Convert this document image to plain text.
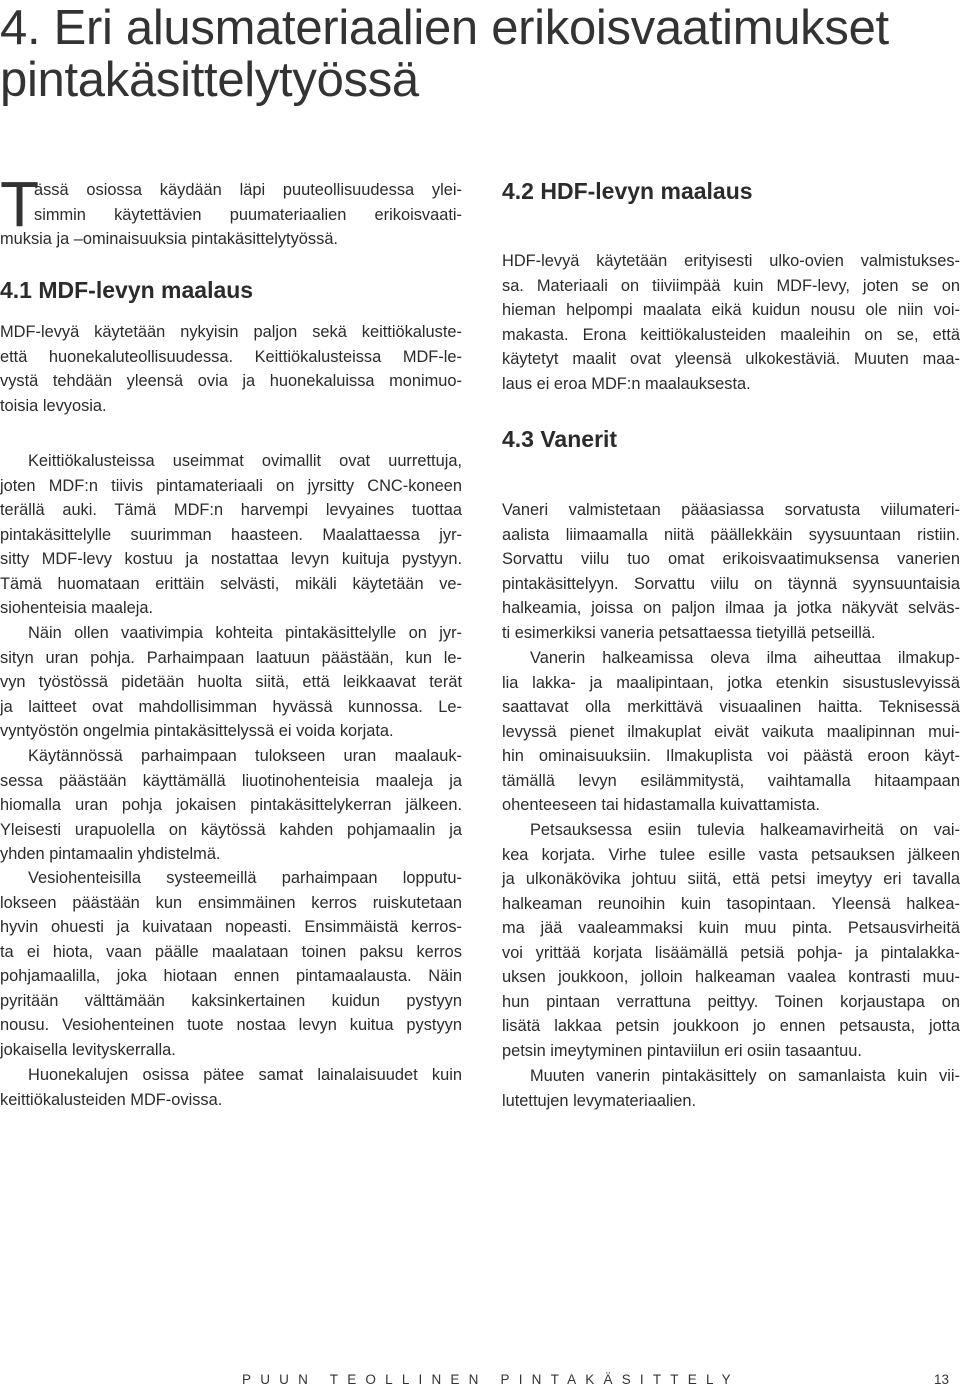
4. Eri alusmateriaalien erikoisvaatimukset
pintakäsittelytyössä

T
ässä osiossa käydään läpi puuteollisuudessa ylei-
simmin käytettävien puumateriaalien erikoisvaati-
muksia ja –ominaisuuksia pintakäsittelytyössä.

4.1 MDF-levyn maalaus

MDF-levyä käytetään nykyisin paljon sekä keittiökaluste-
että huonekaluteollisuudessa. Keittiökalusteissa MDF-le-
vystä tehdään yleensä ovia ja huonekaluissa monimuo-
toisia levyosia.

Keittiökalusteissa useimmat ovimallit ovat uurrettuja,
joten MDF:n tiivis pintamateriaali on jyrsitty CNC-koneen
terällä auki. Tämä MDF:n harvempi levyaines tuottaa
pintakäsittelylle suurimman haasteen. Maalattaessa jyr-
sitty MDF-levy kostuu ja nostattaa levyn kuituja pystyyn.
Tämä huomataan erittäin selvästi, mikäli käytetään ve-
siohenteisia maaleja.

Näin ollen vaativimpia kohteita pintakäsittelylle on jyr-
sityn uran pohja. Parhaimpaan laatuun päästään, kun le-
vyn työstössä pidetään huolta siitä, että leikkaavat terät
ja laitteet ovat mahdollisimman hyvässä kunnossa. Le-
vyntyöstön ongelmia pintakäsittelyssä ei voida korjata.

Käytännössä parhaimpaan tulokseen uran maalauk-
sessa päästään käyttämällä liuotinohenteisia maaleja ja
hiomalla uran pohja jokaisen pintakäsittelykerran jälkeen.
Yleisesti urapuolella on käytössä kahden pohjamaalin ja
yhden pintamaalin yhdistelmä.

Vesiohenteisilla systeemeillä parhaimpaan lopputu-
lokseen päästään kun ensimmäinen kerros ruiskutetaan
hyvin ohuesti ja kuivataan nopeasti. Ensimmäistä kerros-
ta ei hiota, vaan päälle maalataan toinen paksu kerros
pohjamaalilla, joka hiotaan ennen pintamaalausta. Näin
pyritään välttämään kaksinkertainen kuidun pystyyn
nousu. Vesiohenteinen tuote nostaa levyn kuitua pystyyn
jokaisella levityskerralla.

Huonekalujen osissa pätee samat lainalaisuudet kuin
keittiökalusteiden MDF-ovissa.

4.2 HDF-levyn maalaus

HDF-levyä käytetään erityisesti ulko-ovien valmistukses-
sa. Materiaali on tiiviimpää kuin MDF-levy, joten se on
hieman helpompi maalata eikä kuidun nousu ole niin voi-
makasta. Erona keittiökalusteiden maaleihin on se, että
käytetyt maalit ovat yleensä ulkokestäviä. Muuten maa-
laus ei eroa MDF:n maalauksesta.

4.3 Vanerit

Vaneri valmistetaan pääasiassa sorvatusta viilumateri-
aalista liimaamalla niitä päällekkäin syysuuntaan ristiin.
Sorvattu viilu tuo omat erikoisvaatimuksensa vanerien
pintakäsittelyyn. Sorvattu viilu on täynnä syynsuuntaisia
halkeamia, joissa on paljon ilmaa ja jotka näkyvät selväs-
ti esimerkiksi vaneria petsattaessa tietyillä petseillä.

Vanerin halkeamissa oleva ilma aiheuttaa ilmakup-
lia lakka- ja maalipintaan, jotka etenkin sisustuslevyissä
saattavat olla merkittävä visuaalinen haitta. Teknisessä
levyssä pienet ilmakuplat eivät vaikuta maalipinnan mui-
hin ominaisuuksiin. Ilmakuplista voi päästä eroon käyt-
tämällä levyn esilämmitystä, vaihtamalla hitaampaan
ohenteeseen tai hidastamalla kuivattamista.

Petsauksessa esiin tulevia halkeamavirheitä on vai-
kea korjata. Virhe tulee esille vasta petsauksen jälkeen
ja ulkonäkövika johtuu siitä, että petsi imeytyy eri tavalla
halkeaman reunoihin kuin tasopintaan. Yleensä halkea-
ma jää vaaleammaksi kuin muu pinta. Petsausvirheitä
voi yrittää korjata lisäämällä petsiä pohja- ja pintalakka-
uksen joukkoon, jolloin halkeaman vaalea kontrasti muu-
hun pintaan verrattuna peittyy. Toinen korjaustapa on
lisätä lakkaa petsin joukkoon jo ennen petsausta, jotta
petsin imeytyminen pintaviilun eri osiin tasaantuu.

Muuten vanerin pintakäsittely on samanlaista kuin vii-
lutettujen levymateriaalien.

PUUN TEOLLINEN PINTAKÄSITTELY	13
